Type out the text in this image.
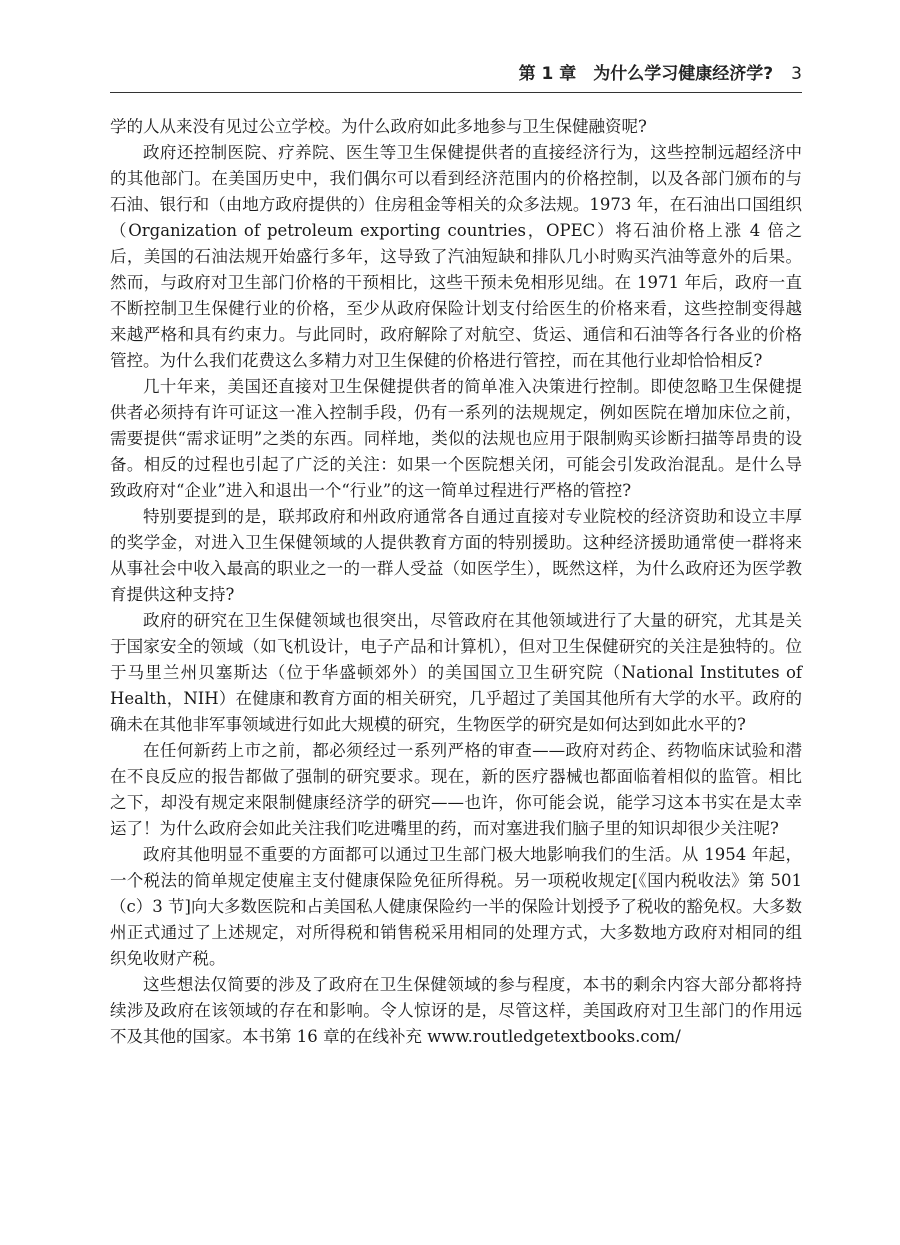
第 1 章　为什么学习健康经济学? 3

学的人从来没有见过公立学校。为什么政府如此多地参与卫生保健融资呢?

政府还控制医院、疗养院、医生等卫生保健提供者的直接经济行为，这些控制远超经济中的其他部门。在美国历史中，我们偶尔可以看到经济范围内的价格控制，以及各部门颁布的与石油、银行和（由地方政府提供的）住房租金等相关的众多法规。1973 年，在石油出口国组织（Organization of petroleum exporting countries，OPEC）将石油价格上涨 4 倍之后，美国的石油法规开始盛行多年，这导致了汽油短缺和排队几小时购买汽油等意外的后果。然而，与政府对卫生部门价格的干预相比，这些干预未免相形见绌。在 1971 年后，政府一直不断控制卫生保健行业的价格，至少从政府保险计划支付给医生的价格来看，这些控制变得越来越严格和具有约束力。与此同时，政府解除了对航空、货运、通信和石油等各行各业的价格管控。为什么我们花费这么多精力对卫生保健的价格进行管控，而在其他行业却恰恰相反?

几十年来，美国还直接对卫生保健提供者的简单准入决策进行控制。即使忽略卫生保健提供者必须持有许可证这一准入控制手段，仍有一系列的法规规定，例如医院在增加床位之前，需要提供“需求证明”之类的东西。同样地，类似的法规也应用于限制购买诊断扫描等昂贵的设备。相反的过程也引起了广泛的关注：如果一个医院想关闭，可能会引发政治混乱。是什么导致政府对“企业”进入和退出一个“行业”的这一简单过程进行严格的管控?

特别要提到的是，联邦政府和州政府通常各自通过直接对专业院校的经济资助和设立丰厚的奖学金，对进入卫生保健领域的人提供教育方面的特别援助。这种经济援助通常使一群将来从事社会中收入最高的职业之一的一群人受益（如医学生），既然这样，为什么政府还为医学教育提供这种支持?

政府的研究在卫生保健领域也很突出，尽管政府在其他领域进行了大量的研究，尤其是关于国家安全的领域（如飞机设计，电子产品和计算机），但对卫生保健研究的关注是独特的。位于马里兰州贝塞斯达（位于华盛顿郊外）的美国国立卫生研究院（National Institutes of Health，NIH）在健康和教育方面的相关研究，几乎超过了美国其他所有大学的水平。政府的确未在其他非军事领域进行如此大规模的研究，生物医学的研究是如何达到如此水平的?

在任何新药上市之前，都必须经过一系列严格的审查——政府对药企、药物临床试验和潜在不良反应的报告都做了强制的研究要求。现在，新的医疗器械也都面临着相似的监管。相比之下，却没有规定来限制健康经济学的研究——也许，你可能会说，能学习这本书实在是太幸运了！为什么政府会如此关注我们吃进嘴里的药，而对塞进我们脑子里的知识却很少关注呢?

政府其他明显不重要的方面都可以通过卫生部门极大地影响我们的生活。从 1954 年起，一个税法的简单规定使雇主支付健康保险免征所得税。另一项税收规定[《国内税收法》第 501（c）3 节]向大多数医院和占美国私人健康保险约一半的保险计划授予了税收的豁免权。大多数州正式通过了上述规定，对所得税和销售税采用相同的处理方式，大多数地方政府对相同的组织免收财产税。

这些想法仅简要的涉及了政府在卫生保健领域的参与程度，本书的剩余内容大部分都将持续涉及政府在该领域的存在和影响。令人惊讶的是，尽管这样，美国政府对卫生部门的作用远不及其他的国家。本书第 16 章的在线补充 www.routledgetextbooks.com/
